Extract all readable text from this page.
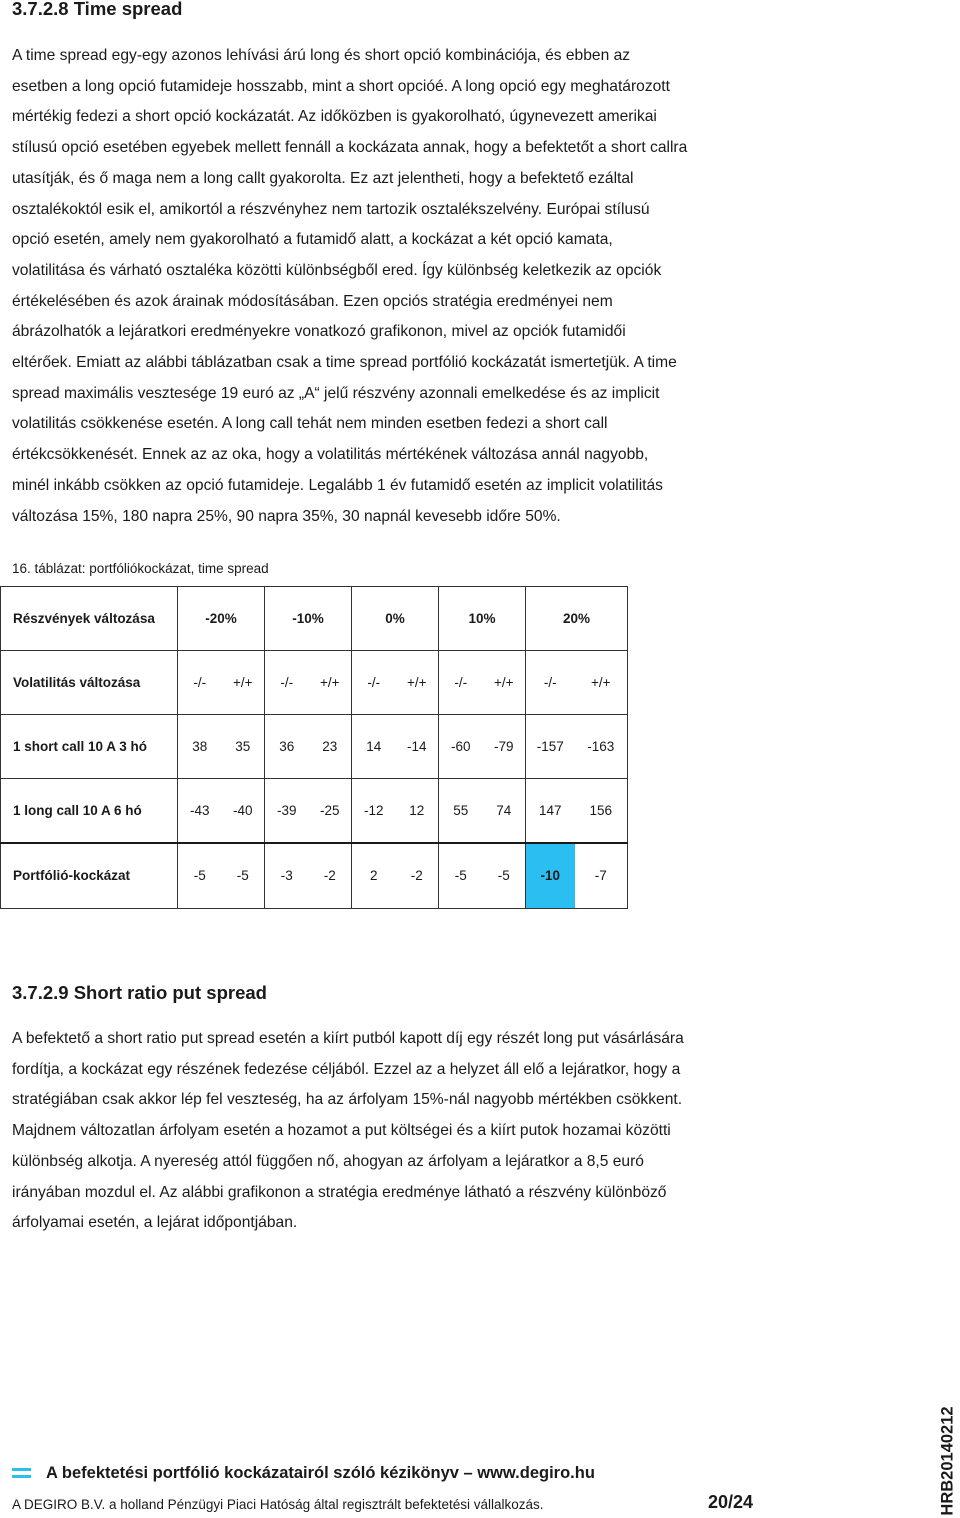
3.7.2.8 Time spread

A time spread egy-egy azonos lehívási árú long és short opció kombinációja, és ebben az
esetben a long opció futamideje hosszabb, mint a short opcióé. A long opció egy meghatározott
mértékig fedezi a short opció kockázatát. Az időközben is gyakorolható, úgynevezett amerikai
stílusú opció esetében egyebek mellett fennáll a kockázata annak, hogy a befektetőt a short callra
utasítják, és ő maga nem a long callt gyakorolta. Ez azt jelentheti, hogy a befektető ezáltal
osztalékoktól esik el, amikortól a részvényhez nem tartozik osztalékszelvény. Európai stílusú
opció esetén, amely nem gyakorolható a futamidő alatt, a kockázat a két opció kamata,
volatilitása és várható osztaléka közötti különbségből ered. Így különbség keletkezik az opciók
értékelésében és azok árainak módosításában. Ezen opciós stratégia eredményei nem
ábrázolhatók a lejáratkori eredményekre vonatkozó grafikonon, mivel az opciók futamidői
eltérőek. Emiatt az alábbi táblázatban csak a time spread portfólió kockázatát ismertetjük. A time
spread maximális vesztesége 19 euró az „A“ jelű részvény azonnali emelkedése és az implicit
volatilitás csökkenése esetén. A long call tehát nem minden esetben fedezi a short call
értékcsökkenését. Ennek az az oka, hogy a volatilitás mértékének változása annál nagyobb,
minél inkább csökken az opció futamideje. Legalább 1 év futamidő esetén az implicit volatilitás
változása 15%, 180 napra 25%, 90 napra 35%, 30 napnál kevesebb időre 50%.

16. táblázat: portfóliókockázat, time spread
Részvények változása	-20%		-10%		0%		10%		20%	
Volatilitás változása	-/-	+/+	-/-	+/+	-/-	+/+	-/-	+/+	-/-	+/+
1 short call 10 A 3 hó	38	35	36	23	14	-14	-60	-79	-157	-163
1 long call 10 A 6 hó	-43	-40	-39	-25	-12	12	55	74	147	156
Portfólió-kockázat	-5	-5	-3	-2	2	-2	-5	-5	-10	-7
3.7.2.9 Short ratio put spread

A befektető a short ratio put spread esetén a kiírt putból kapott díj egy részét long put vásárlására
fordítja, a kockázat egy részének fedezése céljából. Ezzel az a helyzet áll elő a lejáratkor, hogy a
stratégiában csak akkor lép fel veszteség, ha az árfolyam 15%-nál nagyobb mértékben csökkent.
Majdnem változatlan árfolyam esetén a hozamot a put költségei és a kiírt putok hozamai közötti
különbség alkotja. A nyereség attól függően nő, ahogyan az árfolyam a lejáratkor a 8,5 euró
irányában mozdul el. Az alábbi grafikonon a stratégia eredménye látható a részvény különböző
árfolyamai esetén, a lejárat időpontjában.

A befektetési portfólió kockázatairól szóló kézikönyv – www.degiro.hu
A DEGIRO B.V. a holland Pénzügyi Piaci Hatóság által regisztrált befektetési vállalkozás.	20/24	HRB20140212
